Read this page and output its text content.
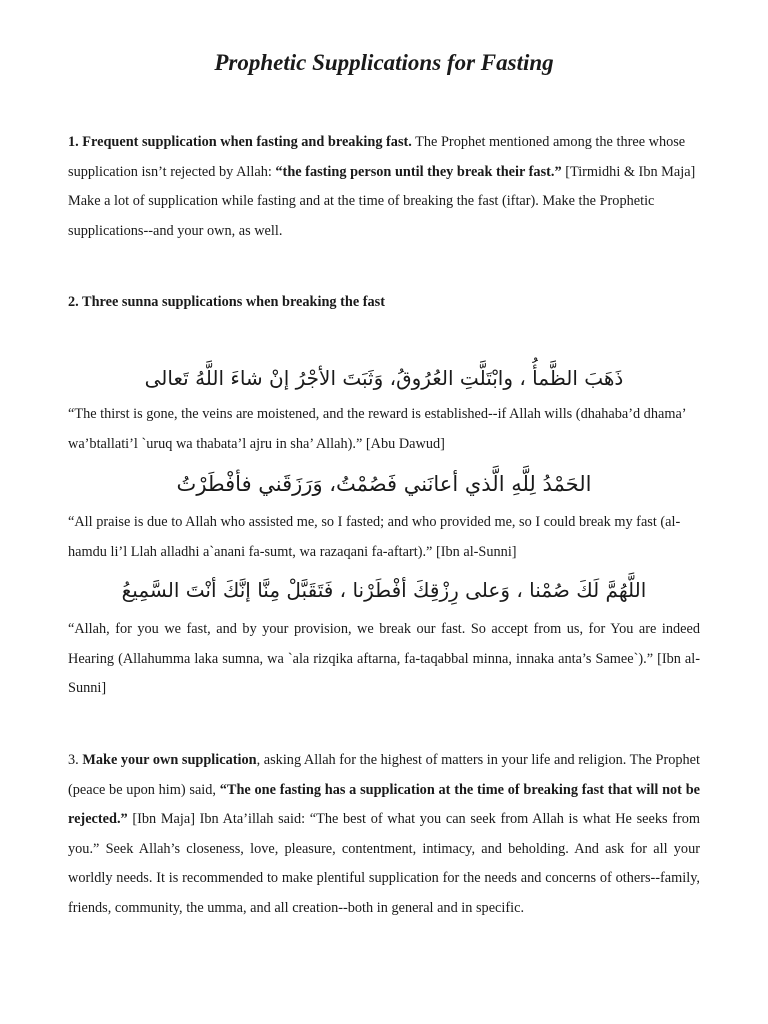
Prophetic Supplications for Fasting

1. Frequent supplication when fasting and breaking fast. The Prophet mentioned among the three whose supplication isn’t rejected by Allah: “the fasting person until they break their fast.” [Tirmidhi & Ibn Maja] Make a lot of supplication while fasting and at the time of breaking the fast (iftar). Make the Prophetic supplications--and your own, as well.

2. Three sunna supplications when breaking the fast

ذَهَبَ الظَّمأُ ، وابْتَلَّتِ العُرُوقُ، وَثَبَتَ الأجْرُ إنْ شاءَ اللَّهُ تَعالى

“The thirst is gone, the veins are moistened, and the reward is established--if Allah wills (dhahaba’d dhama’ wa’btallati’l `uruq wa thabata’l ajru in sha’ Allah).” [Abu Dawud]

الحَمْدُ لِلَّهِ الَّذي أعانَني فَصُمْتُ، وَرَزَقَني فأفْطَرْتُ

“All praise is due to Allah who assisted me, so I fasted; and who provided me, so I could break my fast (al-hamdu li’l Llah alladhi a`anani fa-sumt, wa razaqani fa-aftart).” [Ibn al-Sunni]

اللَّهُمَّ لَكَ صُمْنا ، وَعلى رِزْقِكَ أفْطَرْنا ، فَتَقَبَّلْ مِنَّا إنَّكَ أنْتَ السَّمِيعُ

“Allah, for you we fast, and by your provision, we break our fast. So accept from us, for You are indeed Hearing (Allahumma laka sumna, wa `ala rizqika aftarna, fa-taqabbal minna, innaka anta’s Samee`).” [Ibn al-Sunni]

3. Make your own supplication, asking Allah for the highest of matters in your life and religion. The Prophet (peace be upon him) said, “The one fasting has a supplication at the time of breaking fast that will not be rejected.” [Ibn Maja] Ibn Ata’illah said: “The best of what you can seek from Allah is what He seeks from you.” Seek Allah’s closeness, love, pleasure, contentment, intimacy, and beholding. And ask for all your worldly needs. It is recommended to make plentiful supplication for the needs and concerns of others--family, friends, community, the umma, and all creation--both in general and in specific.
